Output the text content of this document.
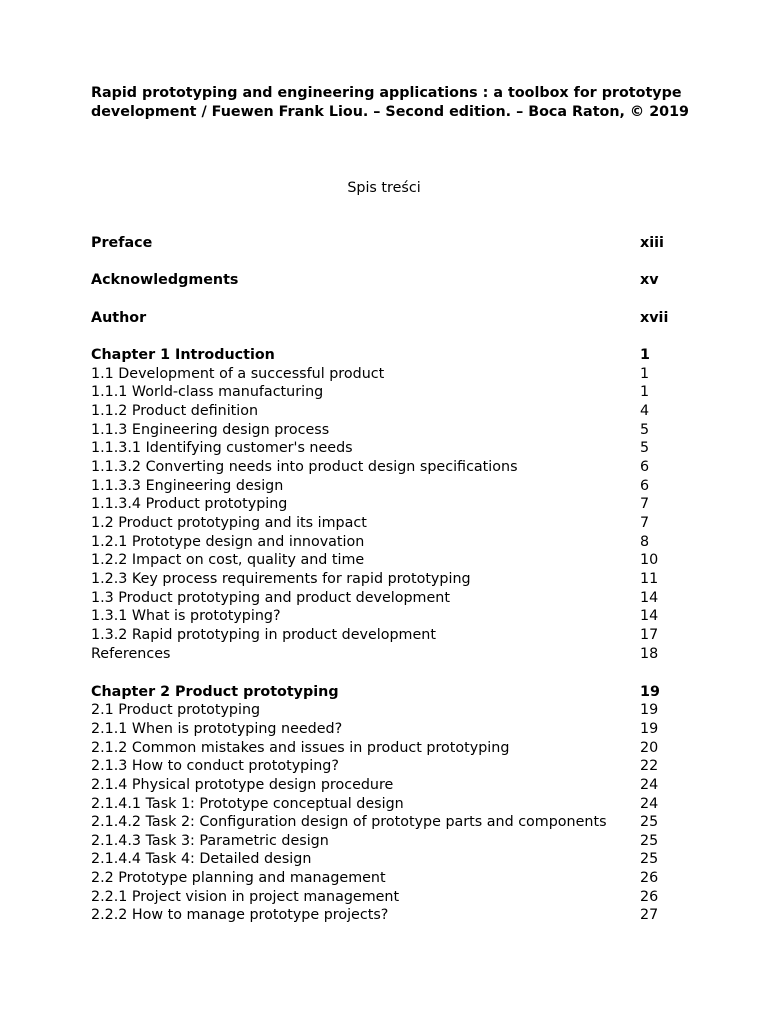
Rapid prototyping and engineering applications : a toolbox for prototype development / Fuewen Frank Liou. – Second edition. – Boca Raton, © 2019
Spis treści
Preface	xiii
Acknowledgments	xv
Author	xvii
Chapter 1 Introduction	1
1.1 Development of a successful product	1
1.1.1 World-class manufacturing	1
1.1.2 Product definition	4
1.1.3 Engineering design process	5
1.1.3.1 Identifying customer's needs	5
1.1.3.2 Converting needs into product design specifications	6
1.1.3.3 Engineering design	6
1.1.3.4 Product prototyping	7
1.2 Product prototyping and its impact	7
1.2.1 Prototype design and innovation	8
1.2.2 Impact on cost, quality and time	10
1.2.3 Key process requirements for rapid prototyping	11
1.3 Product prototyping and product development	14
1.3.1 What is prototyping?	14
1.3.2 Rapid prototyping in product development	17
References	18
Chapter 2 Product prototyping	19
2.1 Product prototyping	19
2.1.1 When is prototyping needed?	19
2.1.2 Common mistakes and issues in product prototyping	20
2.1.3 How to conduct prototyping?	22
2.1.4 Physical prototype design procedure	24
2.1.4.1 Task 1: Prototype conceptual design	24
2.1.4.2 Task 2: Configuration design of prototype parts and components 25
2.1.4.3 Task 3: Parametric design	25
2.1.4.4 Task 4: Detailed design	25
2.2 Prototype planning and management	26
2.2.1 Project vision in project management	26
2.2.2 How to manage prototype projects?	27
